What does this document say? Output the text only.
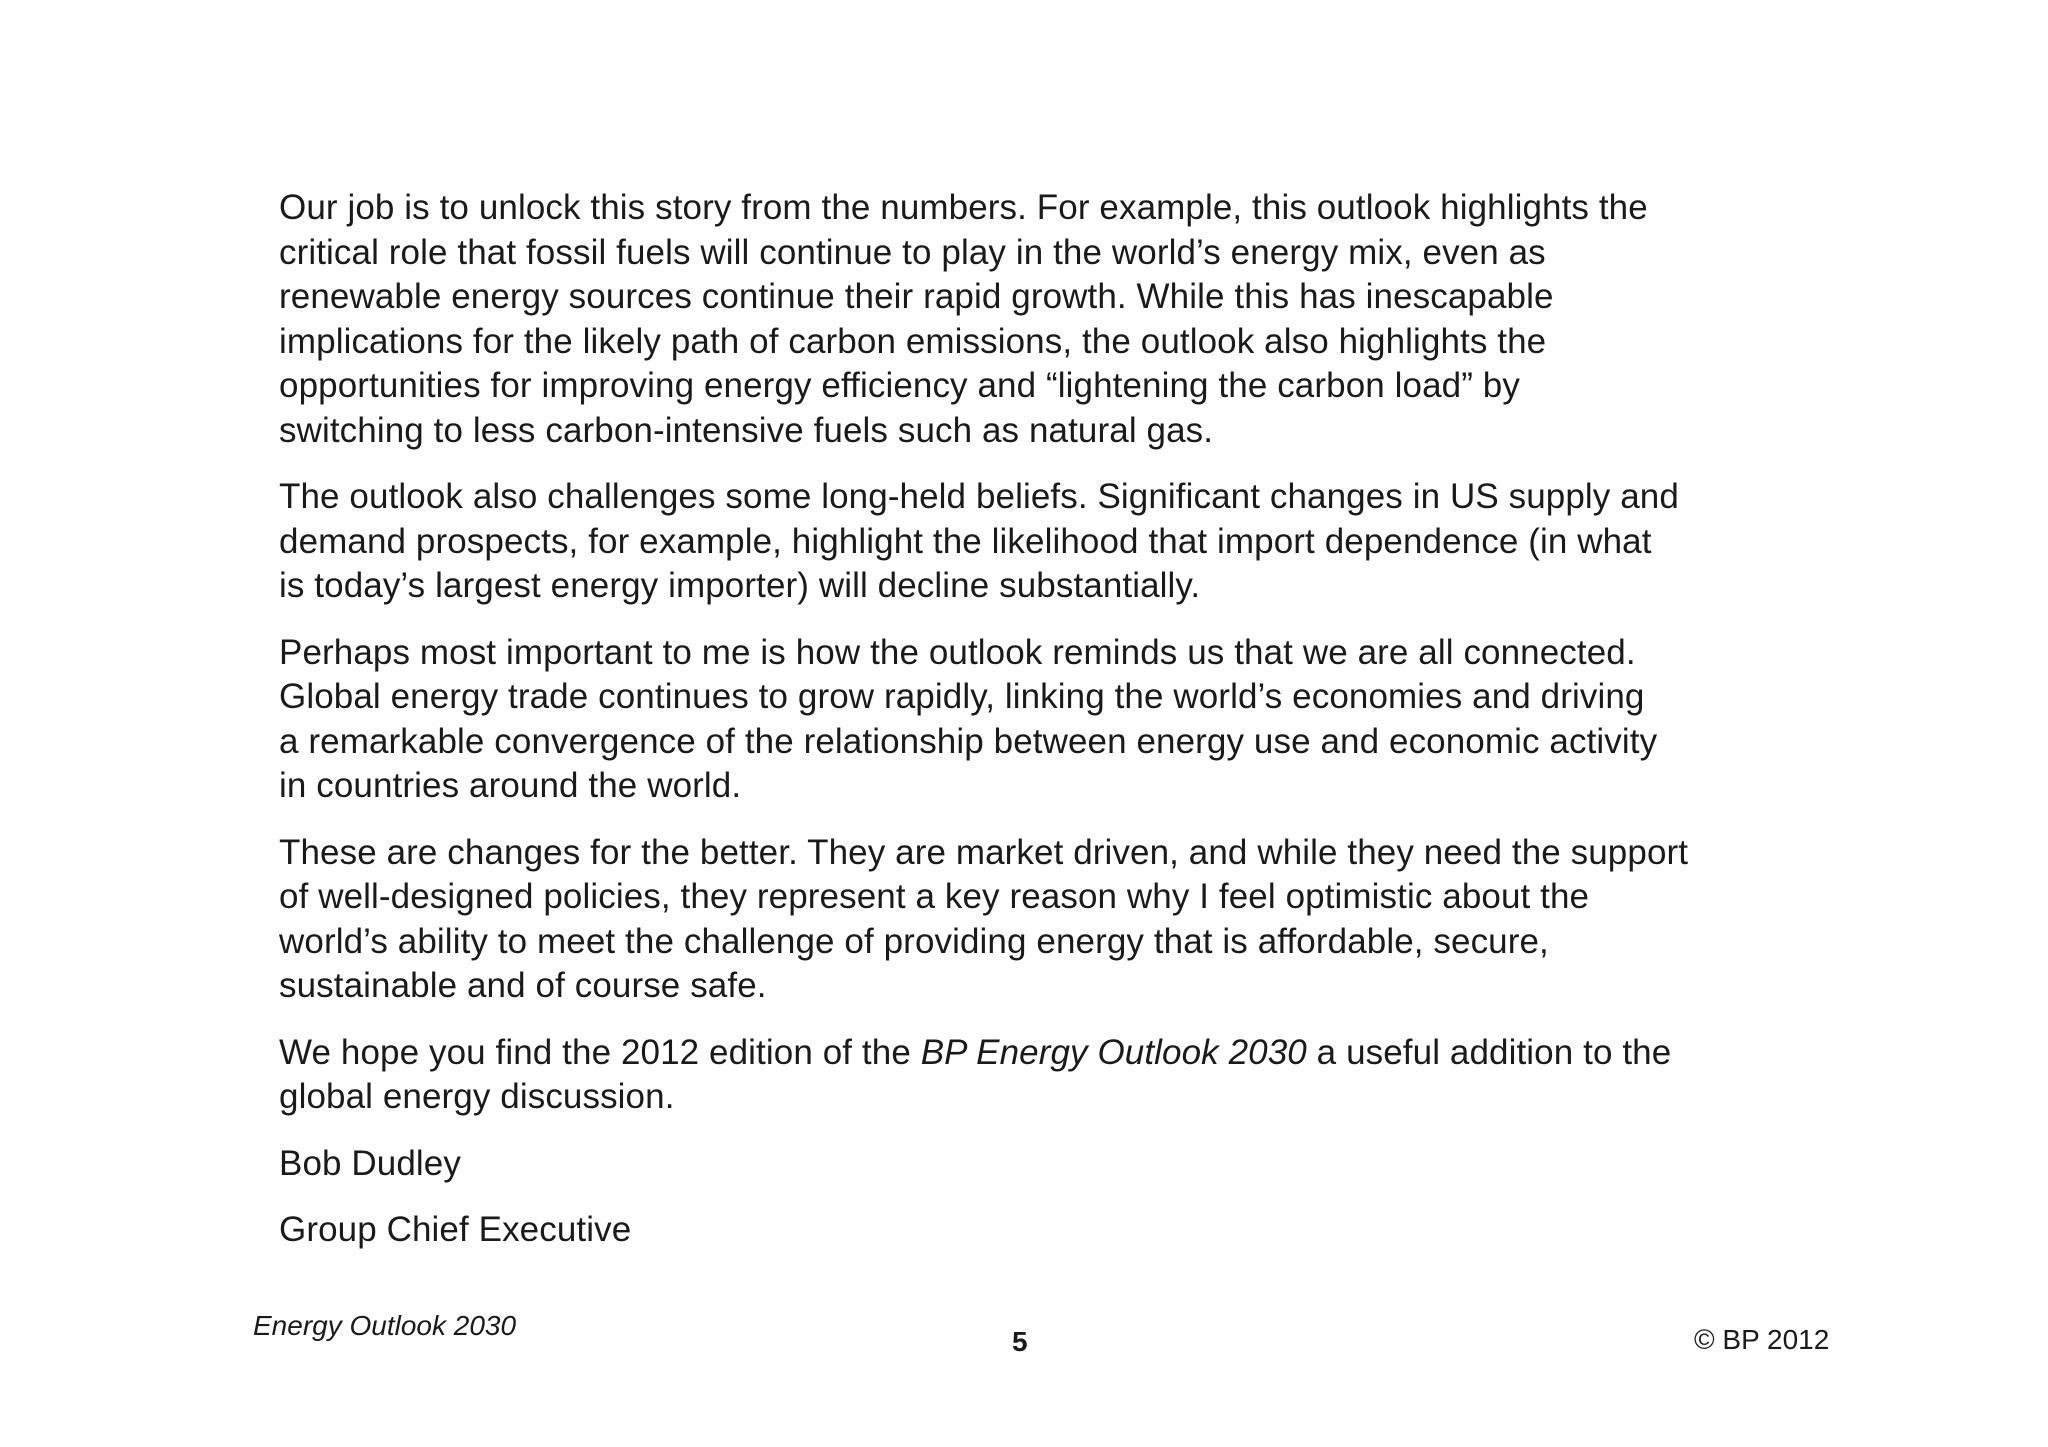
Our job is to unlock this story from the numbers. For example, this outlook highlights the
critical role that fossil fuels will continue to play in the world’s energy mix, even as
renewable energy sources continue their rapid growth. While this has inescapable
implications for the likely path of carbon emissions, the outlook also highlights the
opportunities for improving energy efficiency and “lightening the carbon load” by
switching to less carbon-intensive fuels such as natural gas.

The outlook also challenges some long-held beliefs. Significant changes in US supply and
demand prospects, for example, highlight the likelihood that import dependence (in what
is today’s largest energy importer) will decline substantially.

Perhaps most important to me is how the outlook reminds us that we are all connected.
Global energy trade continues to grow rapidly, linking the world’s economies and driving
a remarkable convergence of the relationship between energy use and economic activity
in countries around the world.

These are changes for the better. They are market driven, and while they need the support
of well-designed policies, they represent a key reason why I feel optimistic about the
world’s ability to meet the challenge of providing energy that is affordable, secure,
sustainable and of course safe.

We hope you find the 2012 edition of the BP Energy Outlook 2030 a useful addition to the
global energy discussion.

Bob Dudley

Group Chief Executive

Energy Outlook 2030
5	© BP 2012
